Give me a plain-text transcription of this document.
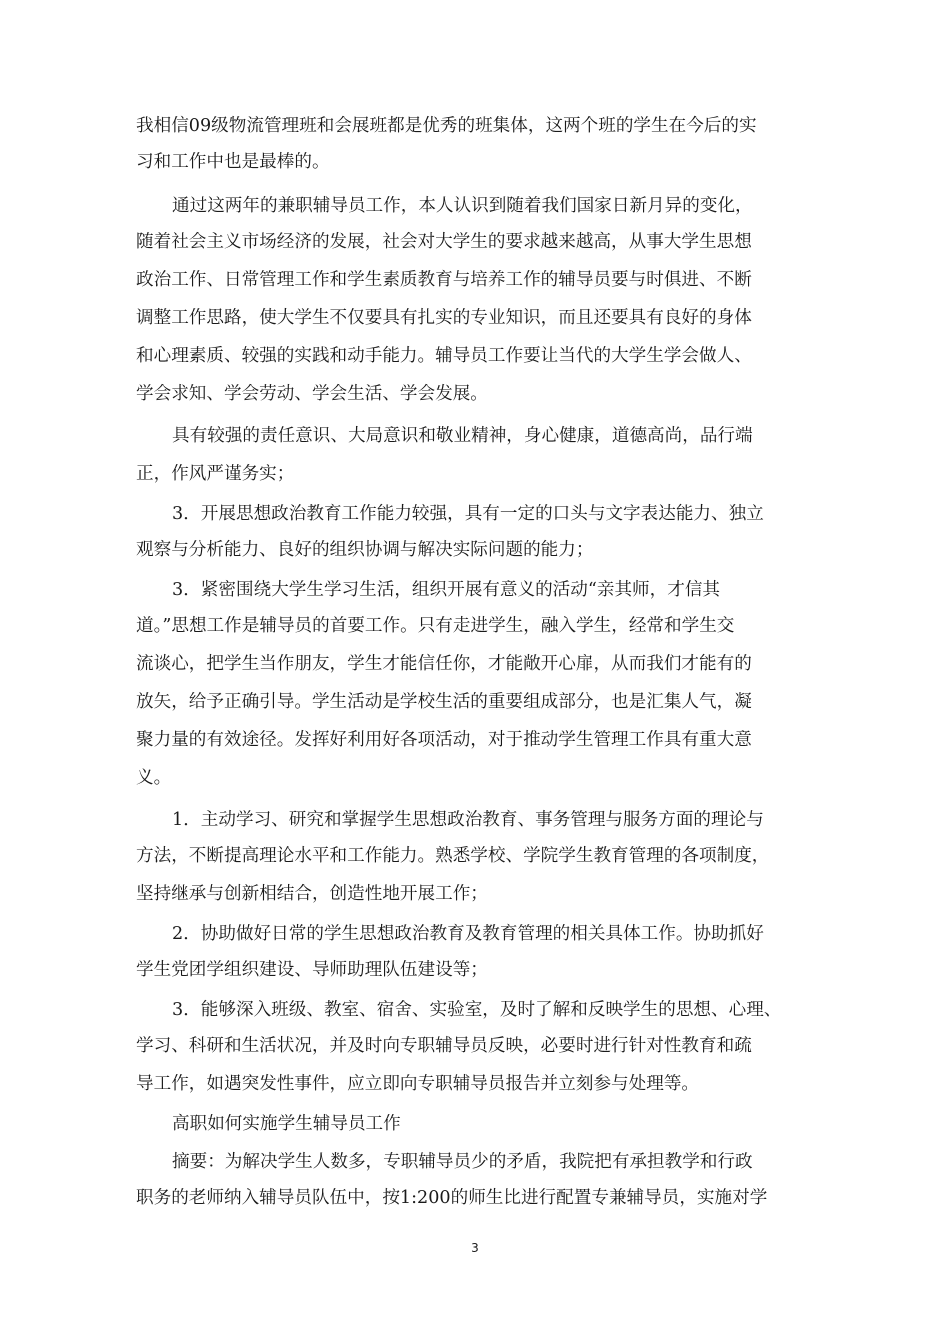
我相信09级物流管理班和会展班都是优秀的班集体，这两个班的学生在今后的实
习和工作中也是最棒的。
通过这两年的兼职辅导员工作，本人认识到随着我们国家日新月异的变化，
随着社会主义市场经济的发展，社会对大学生的要求越来越高，从事大学生思想
政治工作、日常管理工作和学生素质教育与培养工作的辅导员要与时俱进、不断
调整工作思路，使大学生不仅要具有扎实的专业知识，而且还要具有良好的身体
和心理素质、较强的实践和动手能力。辅导员工作要让当代的大学生学会做人、
学会求知、学会劳动、学会生活、学会发展。
具有较强的责任意识、大局意识和敬业精神，身心健康，道德高尚，品行端
正，作风严谨务实；
3．开展思想政治教育工作能力较强，具有一定的口头与文字表达能力、独立
观察与分析能力、良好的组织协调与解决实际问题的能力；
3．紧密围绕大学生学习生活，组织开展有意义的活动“亲其师，才信其
道。”思想工作是辅导员的首要工作。只有走进学生，融入学生，经常和学生交
流谈心，把学生当作朋友，学生才能信任你，才能敞开心扉，从而我们才能有的
放矢，给予正确引导。学生活动是学校生活的重要组成部分，也是汇集人气，凝
聚力量的有效途径。发挥好利用好各项活动，对于推动学生管理工作具有重大意
义。
1．主动学习、研究和掌握学生思想政治教育、事务管理与服务方面的理论与
方法，不断提高理论水平和工作能力。熟悉学校、学院学生教育管理的各项制度，
坚持继承与创新相结合，创造性地开展工作；
2．协助做好日常的学生思想政治教育及教育管理的相关具体工作。协助抓好
学生党团学组织建设、导师助理队伍建设等；
3．能够深入班级、教室、宿舍、实验室，及时了解和反映学生的思想、心理、
学习、科研和生活状况，并及时向专职辅导员反映，必要时进行针对性教育和疏
导工作，如遇突发性事件，应立即向专职辅导员报告并立刻参与处理等。
高职如何实施学生辅导员工作
摘要：为解决学生人数多，专职辅导员少的矛盾，我院把有承担教学和行政
职务的老师纳入辅导员队伍中，按1:200的师生比进行配置专兼辅导员，实施对学
3
